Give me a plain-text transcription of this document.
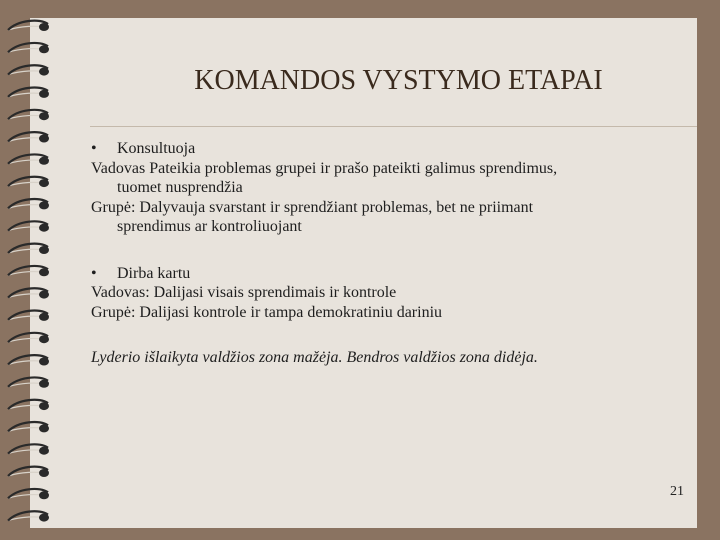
KOMANDOS VYSTYMO ETAPAI

• Konsultuoja

Vadovas Pateikia problemas grupei ir prašo pateikti galimus sprendimus,

tuomet nusprendžia

Grupė: Dalyvauja svarstant ir sprendžiant problemas, bet ne priimant

sprendimus ar kontroliuojant

• Dirba kartu

Vadovas: Dalijasi visais sprendimais ir kontrole

Grupė: Dalijasi kontrole ir tampa demokratiniu dariniu

Lyderio išlaikyta valdžios zona mažėja. Bendros valdžios zona didėja.

21
